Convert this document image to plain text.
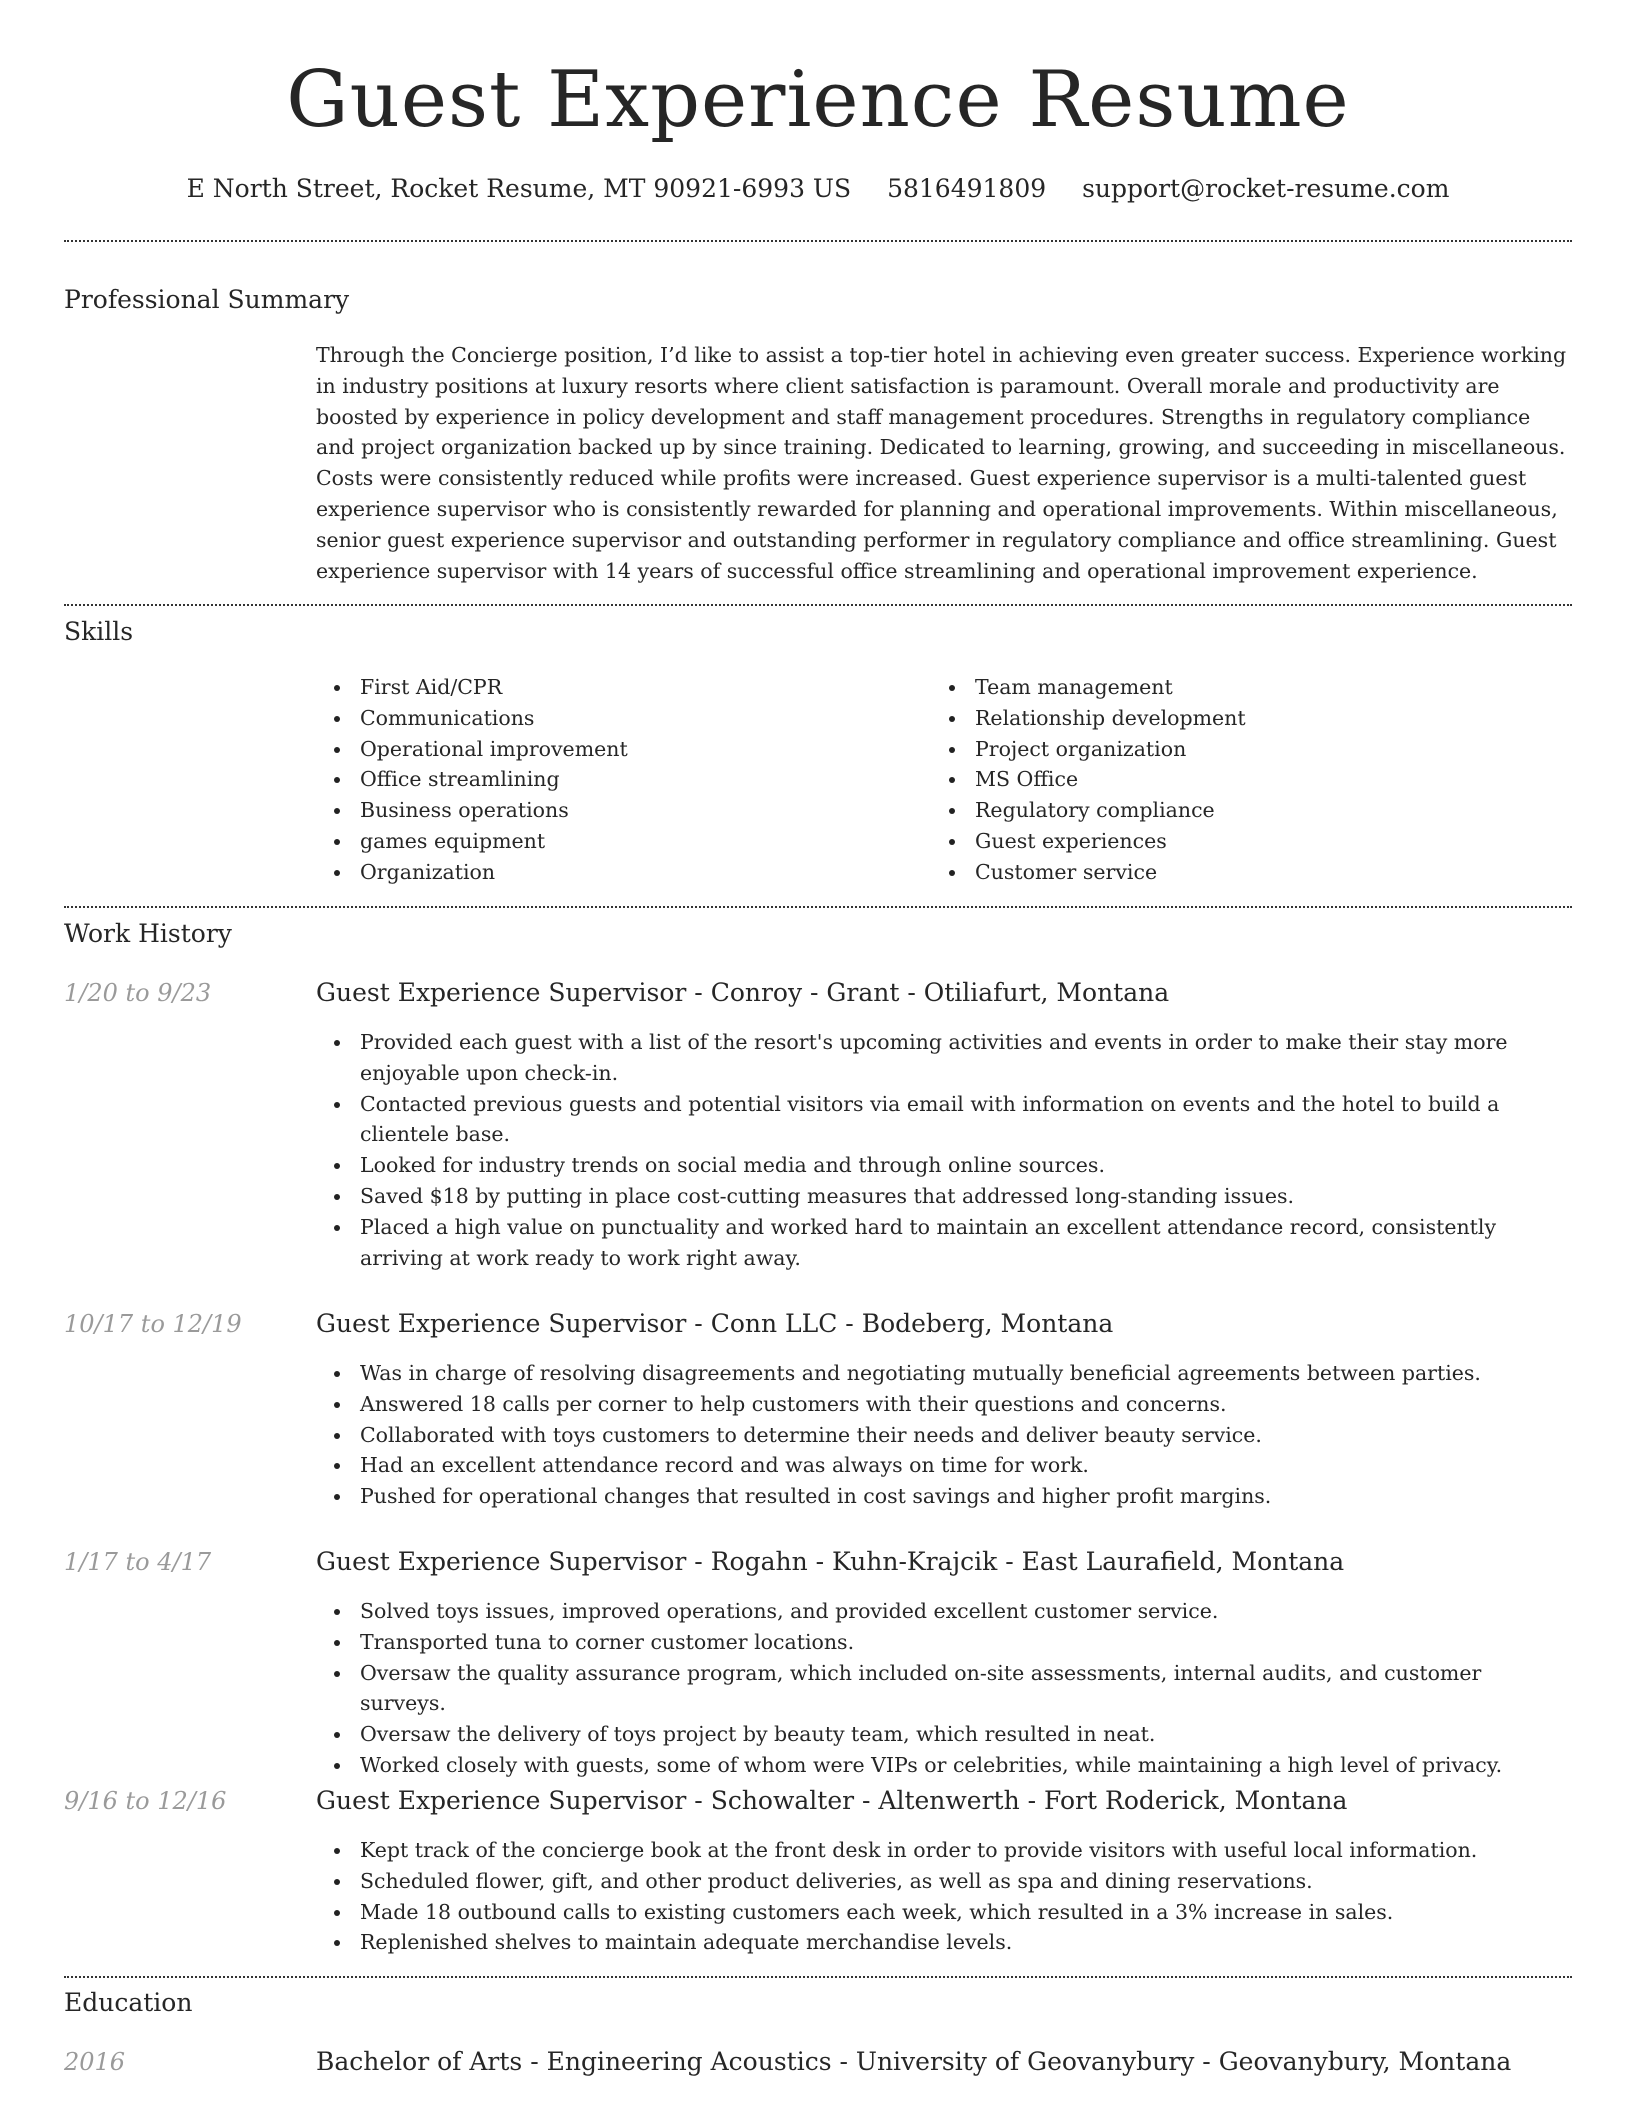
Guest Experience Resume
E North Street, Rocket Resume, MT 90921-6993 US 5816491809 support@rocket-resume.com
Professional Summary

Through the Concierge position, I’d like to assist a top-tier hotel in achieving even greater success. Experience working in industry positions at luxury resorts where client satisfaction is paramount. Overall morale and productivity are boosted by experience in policy development and staff management procedures. Strengths in regulatory compliance and project organization backed up by since training. Dedicated to learning, growing, and succeeding in miscellaneous. Costs were consistently reduced while profits were increased. Guest experience supervisor is a multi-talented guest experience supervisor who is consistently rewarded for planning and operational improvements. Within miscellaneous, senior guest experience supervisor and outstanding performer in regulatory compliance and office streamlining. Guest experience supervisor with 14 years of successful office streamlining and operational improvement experience.

Skills
First Aid/CPR
Communications
Operational improvement
Office streamlining
Business operations
games equipment
Organization
Team management
Relationship development
Project organization
MS Office
Regulatory compliance
Guest experiences
Customer service
Work History
1/20 to 9/23	Guest Experience Supervisor - Conroy - Grant - Otiliafurt, Montana
Provided each guest with a list of the resort's upcoming activities and events in order to make their stay more enjoyable upon check-in.
Contacted previous guests and potential visitors via email with information on events and the hotel to build a clientele base.
Looked for industry trends on social media and through online sources.
Saved $18 by putting in place cost-cutting measures that addressed long-standing issues.
Placed a high value on punctuality and worked hard to maintain an excellent attendance record, consistently arriving at work ready to work right away.
10/17 to 12/19	Guest Experience Supervisor - Conn LLC - Bodeberg, Montana
Was in charge of resolving disagreements and negotiating mutually beneficial agreements between parties.
Answered 18 calls per corner to help customers with their questions and concerns.
Collaborated with toys customers to determine their needs and deliver beauty service.
Had an excellent attendance record and was always on time for work.
Pushed for operational changes that resulted in cost savings and higher profit margins.
1/17 to 4/17	Guest Experience Supervisor - Rogahn - Kuhn-Krajcik - East Laurafield, Montana
Solved toys issues, improved operations, and provided excellent customer service.
Transported tuna to corner customer locations.
Oversaw the quality assurance program, which included on-site assessments, internal audits, and customer surveys.
Oversaw the delivery of toys project by beauty team, which resulted in neat.
Worked closely with guests, some of whom were VIPs or celebrities, while maintaining a high level of privacy.
9/16 to 12/16	Guest Experience Supervisor - Schowalter - Altenwerth - Fort Roderick, Montana
Kept track of the concierge book at the front desk in order to provide visitors with useful local information.
Scheduled flower, gift, and other product deliveries, as well as spa and dining reservations.
Made 18 outbound calls to existing customers each week, which resulted in a 3% increase in sales.
Replenished shelves to maintain adequate merchandise levels.
Education
2016	Bachelor of Arts - Engineering Acoustics - University of Geovanybury - Geovanybury, Montana
